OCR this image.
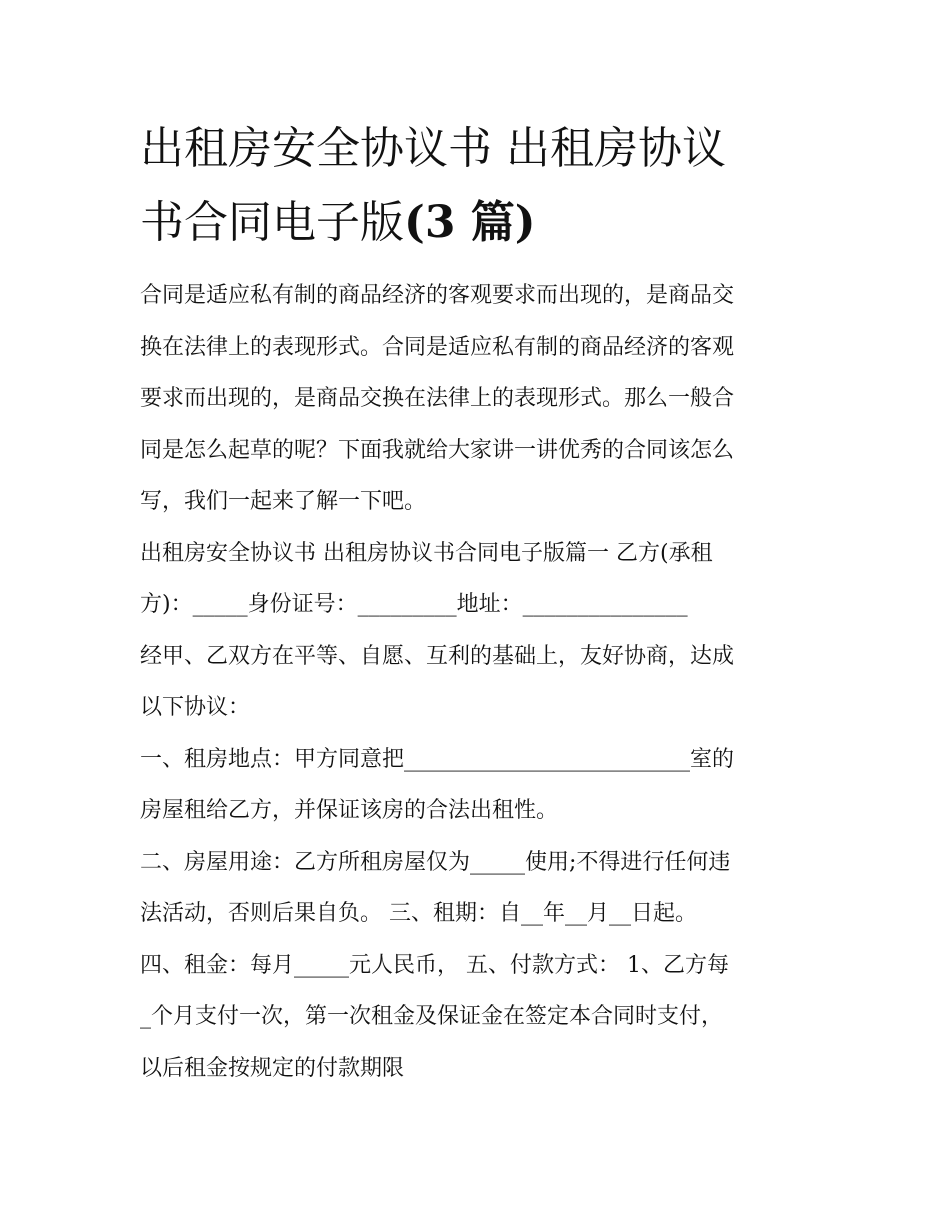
出租房安全协议书 出租房协议
书合同电子版(3 篇)
合同是适应私有制的商品经济的客观要求而出现的，是商品交
换在法律上的表现形式。合同是适应私有制的商品经济的客观
要求而出现的，是商品交换在法律上的表现形式。那么一般合
同是怎么起草的呢？下面我就给大家讲一讲优秀的合同该怎么
写，我们一起来了解一下吧。
出租房安全协议书 出租房协议书合同电子版篇一 乙方(承租
方)：_____身份证号：_________地址：_______________
经甲、乙双方在平等、自愿、互利的基础上，友好协商，达成
以下协议：
一、租房地点：甲方同意把__________________________室的
房屋租给乙方，并保证该房的合法出租性。
二、房屋用途：乙方所租房屋仅为_____使用;不得进行任何违
法活动，否则后果自负。 三、租期：自__年__月__日起。
四、租金：每月_____元人民币， 五、付款方式： 1、乙方每
_个月支付一次，第一次租金及保证金在签定本合同时支付，
以后租金按规定的付款期限
